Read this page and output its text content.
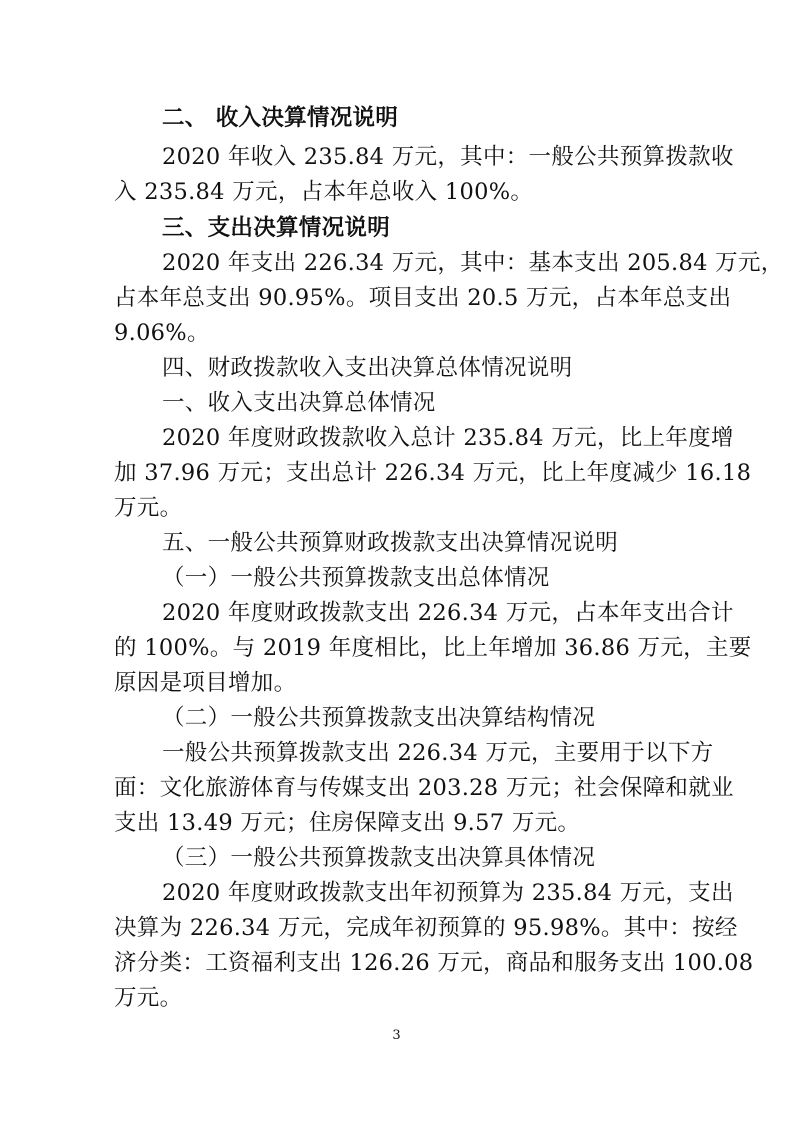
二、 收入决算情况说明
2020 年收入 235.84 万元，其中：一般公共预算拨款收
入 235.84 万元，占本年总收入 100%。
三、支出决算情况说明
2020 年支出 226.34 万元，其中：基本支出 205.84 万元，
占本年总支出 90.95%。项目支出 20.5 万元，占本年总支出
9.06%。
四、财政拨款收入支出决算总体情况说明
一、收入支出决算总体情况
2020 年度财政拨款收入总计 235.84 万元，比上年度增
加 37.96 万元；支出总计 226.34 万元，比上年度减少 16.18
万元。
五、一般公共预算财政拨款支出决算情况说明
（一）一般公共预算拨款支出总体情况
2020 年度财政拨款支出 226.34 万元，占本年支出合计
的 100%。与 2019 年度相比，比上年增加 36.86 万元，主要
原因是项目增加。
（二）一般公共预算拨款支出决算结构情况
一般公共预算拨款支出 226.34 万元，主要用于以下方
面：文化旅游体育与传媒支出 203.28 万元；社会保障和就业
支出 13.49 万元；住房保障支出 9.57 万元。
（三）一般公共预算拨款支出决算具体情况
2020 年度财政拨款支出年初预算为 235.84 万元，支出
决算为 226.34 万元，完成年初预算的 95.98%。其中：按经
济分类：工资福利支出 126.26 万元，商品和服务支出 100.08
万元。
3
